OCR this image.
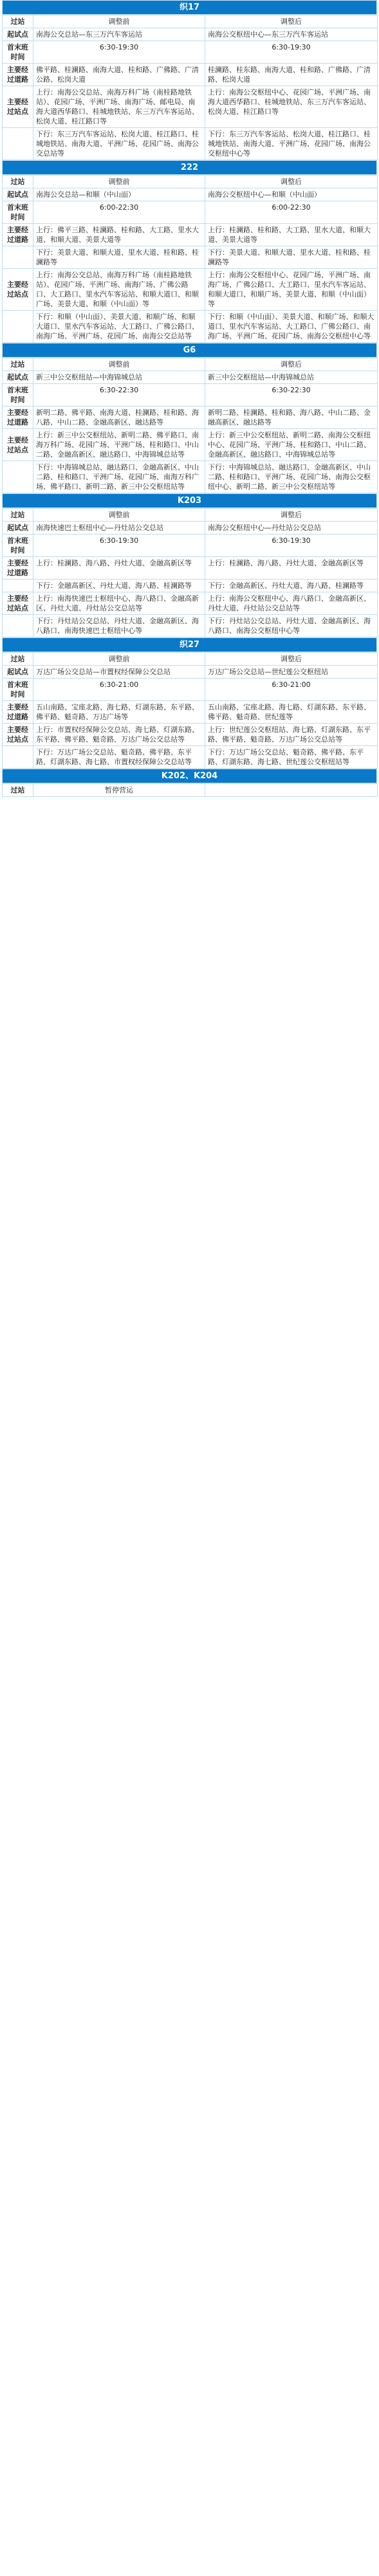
织17
过站	调整前	调整后
起试点	南海公交总站—东三万汽车客运站	南海公交枢纽中心—东三万汽车客运站
首末班时间	6:30-19:30	6:30-19:30
主要经过道路	佛平路、桂澜路、南海大道、桂和路、广佛路、广清公路、松岗大道	桂澜路、桂东路、南海大道、桂和路、广佛路、广清路、松岗大道
主要经过站点	上行：南海公交总站、南海万科广场（南桂路地铁站）、花园广场、平洲广场、南海广场、邮电局、南海大道西华路口、桂城地铁站、东三万汽车客运站、松岗大道、桂江路口等	上行：南海公交枢纽中心、花园广场、平洲广场、南海大道西华路口、桂城地铁站、东三万汽车客运站、松岗大道、桂江路口等
	下行：东三万汽车客运站、松岗大道、桂江路口、桂城地铁站、南海大道、平洲广场、花园广场、南海公交总站等	下行：东三万汽车客运站、松岗大道、桂江路口、桂城地铁站、南海大道、平洲广场、花园广场、南海公交枢纽中心等
222
过站	调整前	调整后
起试点	南海公交总站—和顺（中山面）	南海公交枢纽中心—和顺（中山面）
首末班时间	6:00-22:30	6:00-22:30
主要经过道路	上行：佛平三路、桂澜路、桂和路、大工路、里水大道、和顺大道、美景大道等	上行：桂澜路、桂和路、大工路、里水大道、和顺大道、美景大道等
	下行：美景大道、和顺大道、里水大道、桂和路、桂澜路等	下行：美景大道、和顺大道、里水大道、桂和路、桂澜路等
主要经过站点	上行：南海公交总站、南海万科广场（南桂路地铁站）、花园广场、平洲广场、南海广场、广佛公路口、大工路口、里水汽车客运站、和顺大道口、和顺广场、美景大道、和顺（中山面）等	上行：南海公交枢纽中心、花园广场、平洲广场、南海广场、广佛公路口、大工路口、里水汽车客运站、和顺大道口、和顺广场、美景大道、和顺（中山面）等
	下行：和顺（中山面）、美景大道、和顺广场、和顺大道口、里水汽车客运站、大工路口、广佛公路口、南海广场、平洲广场、花园广场、南海公交总站等	下行：和顺（中山面）、美景大道、和顺广场、和顺大道口、里水汽车客运站、大工路口、广佛公路口、南海广场、平洲广场、花园广场、南海公交枢纽中心等
G6
过站	调整前	调整后
起试点	新三中公交枢纽站—中海锦城总站	新三中公交枢纽站—中海锦城总站
首末班时间	6:30-22:30	6:30-22:30
主要经过道路	新明二路、佛平路、南海大道、桂澜路、桂和路、海八路、中山二路、金融高新区、融达路等	新明二路、桂澜路、桂和路、海八路、中山二路、金融高新区、融达路等
主要经过站点	上行：新三中公交枢纽站、新明二路、佛平路口、南海万科广场、花园广场、平洲广场、桂和路口、中山二路、金融高新区、融达路口、中海锦城总站等	上行：新三中公交枢纽站、新明二路、南海公交枢纽中心、花园广场、平洲广场、桂和路口、中山二路、金融高新区、融达路口、中海锦城总站等
	下行：中海锦城总站、融达路口、金融高新区、中山二路、桂和路口、平洲广场、花园广场、南海万科广场、佛平路口、新明二路、新三中公交枢纽站等	下行：中海锦城总站、融达路口、金融高新区、中山二路、桂和路口、平洲广场、花园广场、南海公交枢纽中心、新明二路、新三中公交枢纽站等
K203
过站	调整前	调整后
起试点	南海快速巴士枢纽中心—丹灶站公交总站	南海公交枢纽中心—丹灶站公交总站
首末班时间	6:30-19:30	6:30-19:30
主要经过道路	上行：桂澜路、海八路、丹灶大道、金融高新区等	上行：桂澜路、海八路、丹灶大道、金融高新区等
	下行：金融高新区、丹灶大道、海八路、桂澜路等	下行：金融高新区、丹灶大道、海八路、桂澜路等
主要经过站点	上行：南海快速巴士枢纽中心、海八路口、金融高新区、丹灶大道、丹灶站公交总站等	上行：南海公交枢纽中心、海八路口、金融高新区、丹灶大道、丹灶站公交总站等
	下行：丹灶站公交总站、丹灶大道、金融高新区、海八路口、南海快速巴士枢纽中心等	下行：丹灶站公交总站、丹灶大道、金融高新区、海八路口、南海公交枢纽中心等
织27
过站	调整前	调整后
起试点	万达广场公交总站—市置权经保障公交总站	万达广场公交总站—世纪莲公交枢纽站
首末班时间	6:30-21:00	6:30-21:00
主要经过道路	五山南路、宝座北路、海七路、灯湖东路、东平路、佛平路、魁奇路、万达广场等	五山南路、宝座北路、海七路、灯湖东路、东平路、佛平路、魁奇路、世纪莲等
主要经过站点	上行：市置权经保障公交总站、海七路、灯湖东路、东平路、佛平路、魁奇路、万达广场公交总站等	上行：世纪莲公交枢纽站、海七路、灯湖东路、东平路、佛平路、魁奇路、万达广场公交总站等
	下行：万达广场公交总站、魁奇路、佛平路、东平路、灯湖东路、海七路、市置权经保障公交总站等	下行：万达广场公交总站、魁奇路、佛平路、东平路、灯湖东路、海七路、世纪莲公交枢纽站等
K202、K204
过站	暂停营运	
